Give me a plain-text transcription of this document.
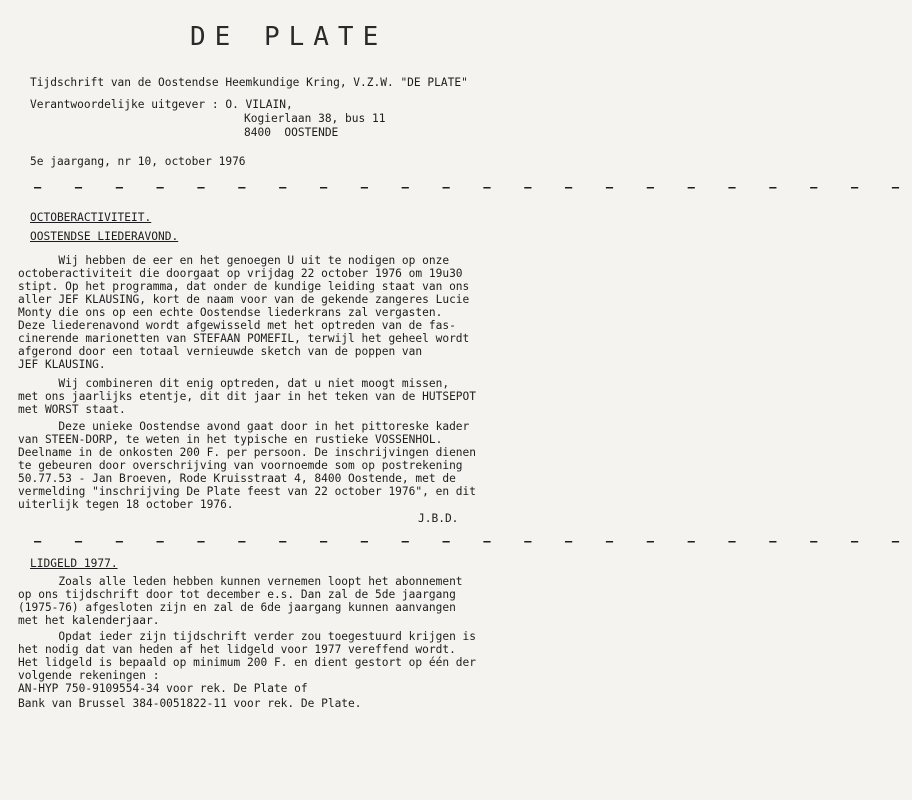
DE PLATE
Tijdschrift van de Oostendse Heemkundige Kring, V.Z.W. "DE PLATE"
Verantwoordelijke uitgever : O. VILAIN,
Kogierlaan 38, bus 11
8400  OOSTENDE
5e jaargang, nr 10, october 1976
— — — — — — — — — — — — — — — — — — — — — —
OCTOBERACTIVITEIT.
OOSTENDSE LIEDERAVOND.
Wij hebben de eer en het genoegen U uit te nodigen op onze
octoberactiviteit die doorgaat op vrijdag 22 october 1976 om 19u30
stipt. Op het programma, dat onder de kundige leiding staat van ons
aller JEF KLAUSING, kort de naam voor van de gekende zangeres Lucie
Monty die ons op een echte Oostendse liederkrans zal vergasten.
Deze liederenavond wordt afgewisseld met het optreden van de fas-
cinerende marionetten van STEFAAN POMEFIL, terwijl het geheel wordt
afgerond door een totaal vernieuwde sketch van de poppen van
JEF KLAUSING.
Wij combineren dit enig optreden, dat u niet moogt missen,
met ons jaarlijks etentje, dit dit jaar in het teken van de HUTSEPOT
met WORST staat.
Deze unieke Oostendse avond gaat door in het pittoreske kader
van STEEN-DORP, te weten in het typische en rustieke VOSSENHOL.
Deelname in de onkosten 200 F. per persoon. De inschrijvingen dienen
te gebeuren door overschrijving van voornoemde som op postrekening
50.77.53 - Jan Broeven, Rode Kruisstraat 4, 8400 Oostende, met de
vermelding "inschrijving De Plate feest van 22 october 1976", en dit
uiterlijk tegen 18 october 1976.
J.B.D.
— — — — — — — — — — — — — — — — — — — — — —
LIDGELD 1977.
Zoals alle leden hebben kunnen vernemen loopt het abonnement
op ons tijdschrift door tot december e.s. Dan zal de 5de jaargang
(1975-76) afgesloten zijn en zal de 6de jaargang kunnen aanvangen
met het kalenderjaar.
Opdat ieder zijn tijdschrift verder zou toegestuurd krijgen is
het nodig dat van heden af het lidgeld voor 1977 vereffend wordt.
Het lidgeld is bepaald op minimum 200 F. en dient gestort op één der
volgende rekeningen :
AN-HYP 750-9109554-34 voor rek. De Plate of
Bank van Brussel 384-0051822-11 voor rek. De Plate.
